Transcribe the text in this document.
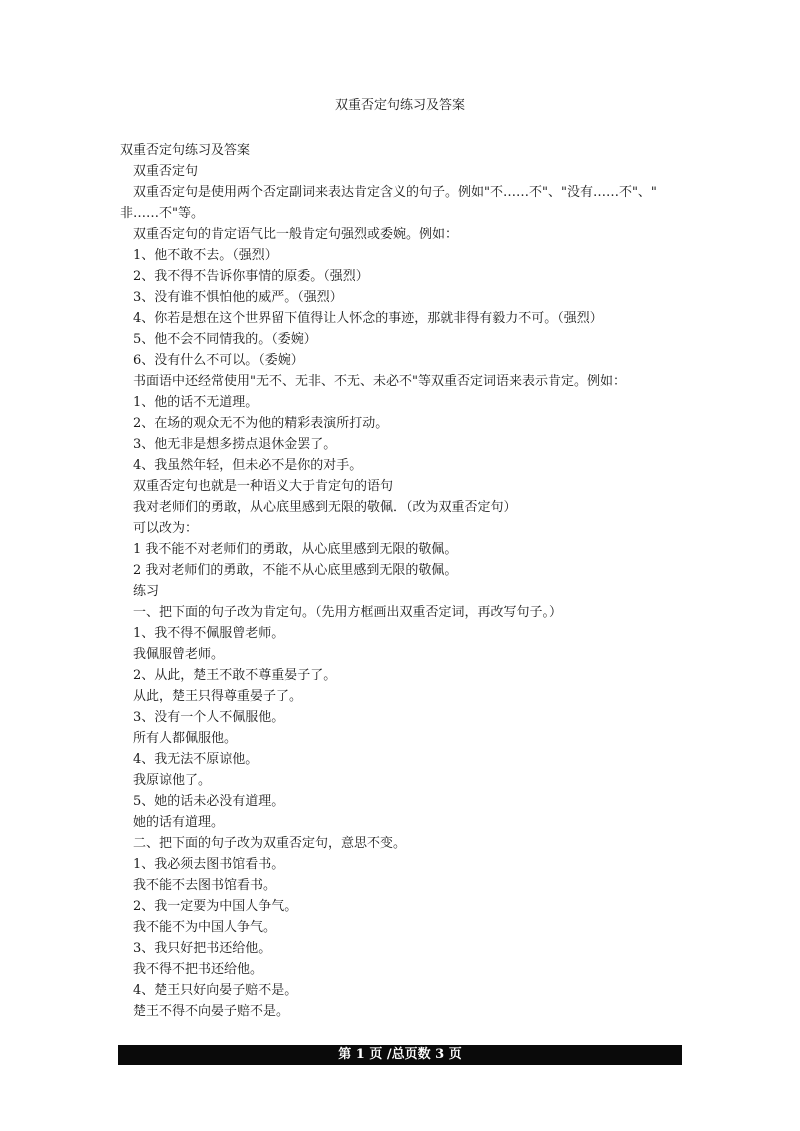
双重否定句练习及答案
双重否定句练习及答案
　双重否定句
　双重否定句是使用两个否定副词来表达肯定含义的句子。例如"不……不"、"没有……不"、"
非……不"等。
　双重否定句的肯定语气比一般肯定句强烈或委婉。例如：
　1、他不敢不去。（强烈）
　2、我不得不告诉你事情的原委。（强烈）
　3、没有谁不惧怕他的威严。（强烈）
　4、你若是想在这个世界留下值得让人怀念的事迹，那就非得有毅力不可。（强烈）
　5、他不会不同情我的。（委婉）
　6、没有什么不可以。（委婉）
　书面语中还经常使用"无不、无非、不无、未必不"等双重否定词语来表示肯定。例如：
　1、他的话不无道理。
　2、在场的观众无不为他的精彩表演所打动。
　3、他无非是想多捞点退休金罢了。
　4、我虽然年轻，但未必不是你的对手。
　双重否定句也就是一种语义大于肯定句的语句
　我对老师们的勇敢，从心底里感到无限的敬佩．（改为双重否定句）
　可以改为：
　1 我不能不对老师们的勇敢，从心底里感到无限的敬佩。
　2 我对老师们的勇敢，不能不从心底里感到无限的敬佩。
　练习
　一、把下面的句子改为肯定句。（先用方框画出双重否定词，再改写句子。）
　1、我不得不佩服曾老师。
　我佩服曾老师。
　2、从此，楚王不敢不尊重晏子了。
　从此，楚王只得尊重晏子了。
　3、没有一个人不佩服他。
　所有人都佩服他。
　4、我无法不原谅他。
　我原谅他了。
　5、她的话未必没有道理。
　她的话有道理。
　二、把下面的句子改为双重否定句，意思不变。
　1、我必须去图书馆看书。
　我不能不去图书馆看书。
　2、我一定要为中国人争气。
　我不能不为中国人争气。
　3、我只好把书还给他。
　我不得不把书还给他。
　4、楚王只好向晏子赔不是。
　楚王不得不向晏子赔不是。
第 1 页 /总页数 3 页
